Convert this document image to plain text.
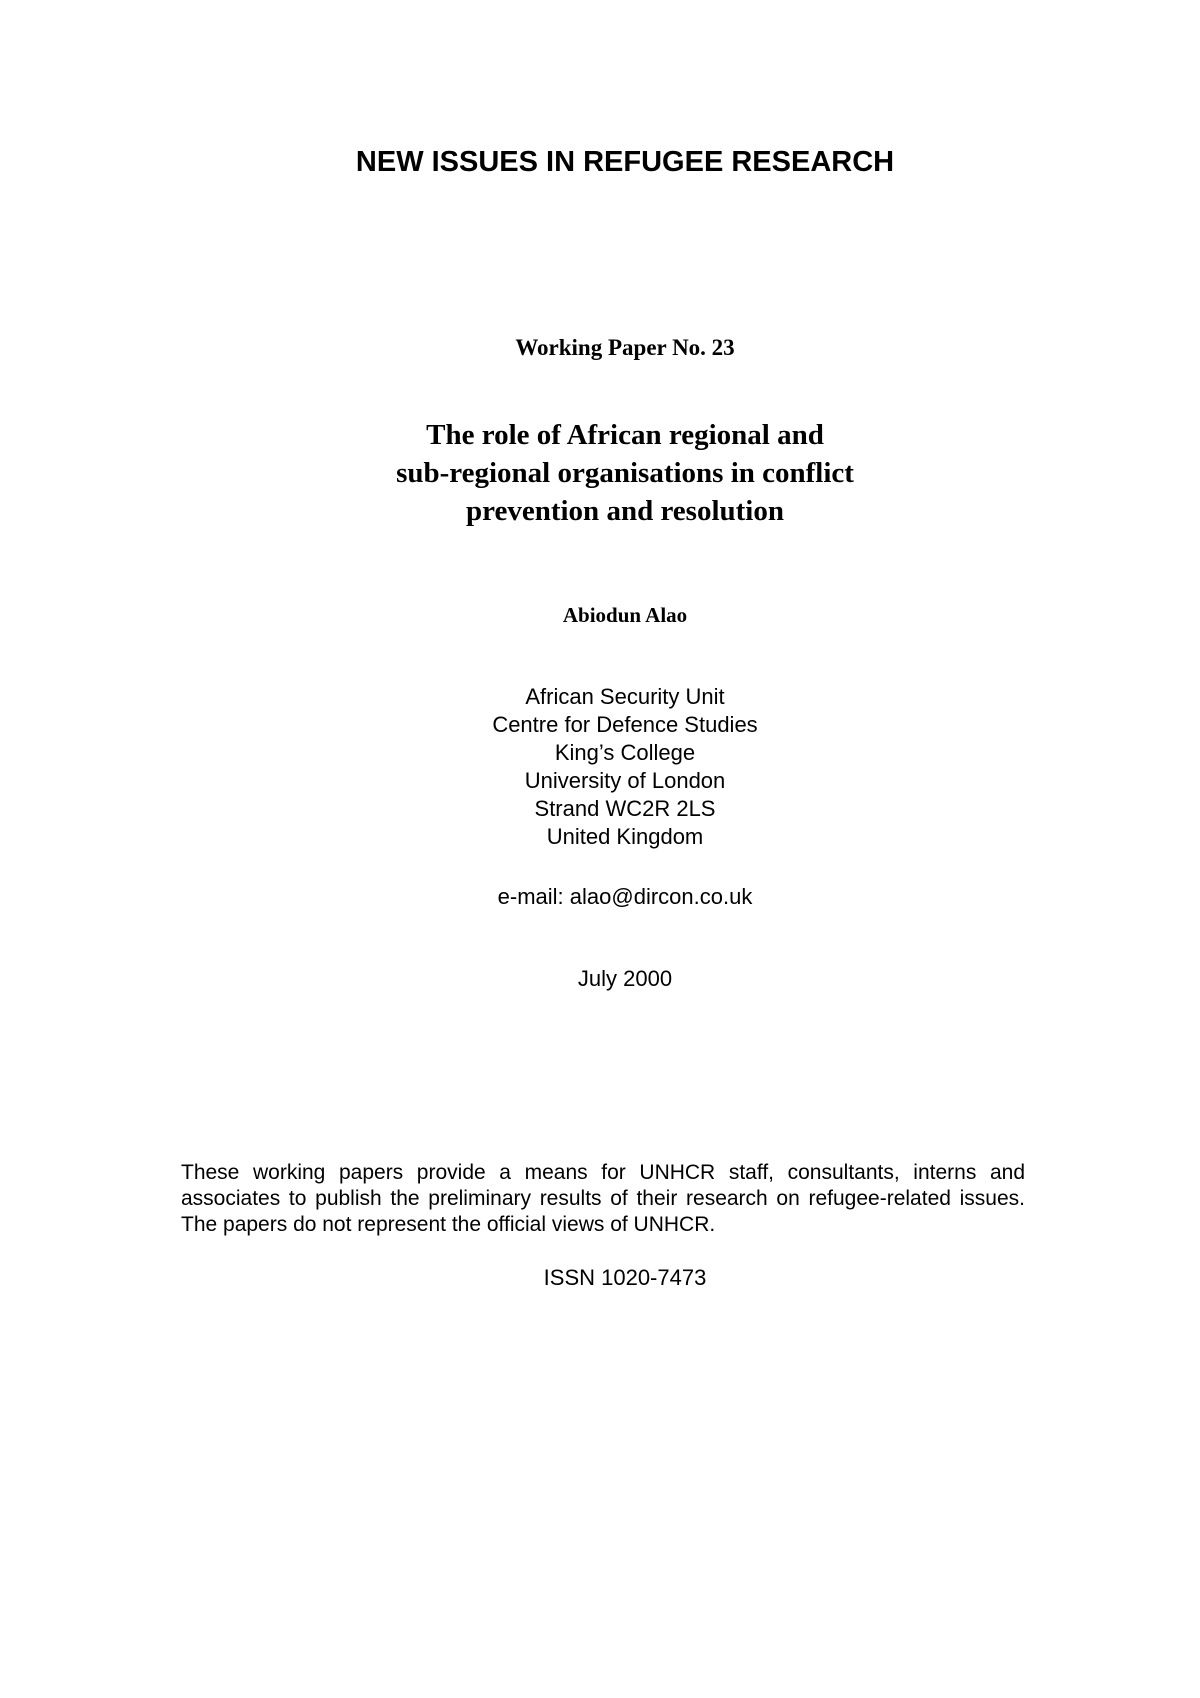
NEW ISSUES IN REFUGEE RESEARCH
Working Paper No. 23
The role of African regional and
sub-regional organisations in conflict
prevention and resolution
Abiodun Alao
African Security Unit
Centre for Defence Studies
King’s College
University of London
Strand WC2R 2LS
United Kingdom
e-mail: alao@dircon.co.uk
July 2000
These working papers provide a means for UNHCR staff, consultants, interns and associates to publish the preliminary results of their research on refugee-related issues. The papers do not represent the official views of UNHCR.
ISSN 1020-7473
